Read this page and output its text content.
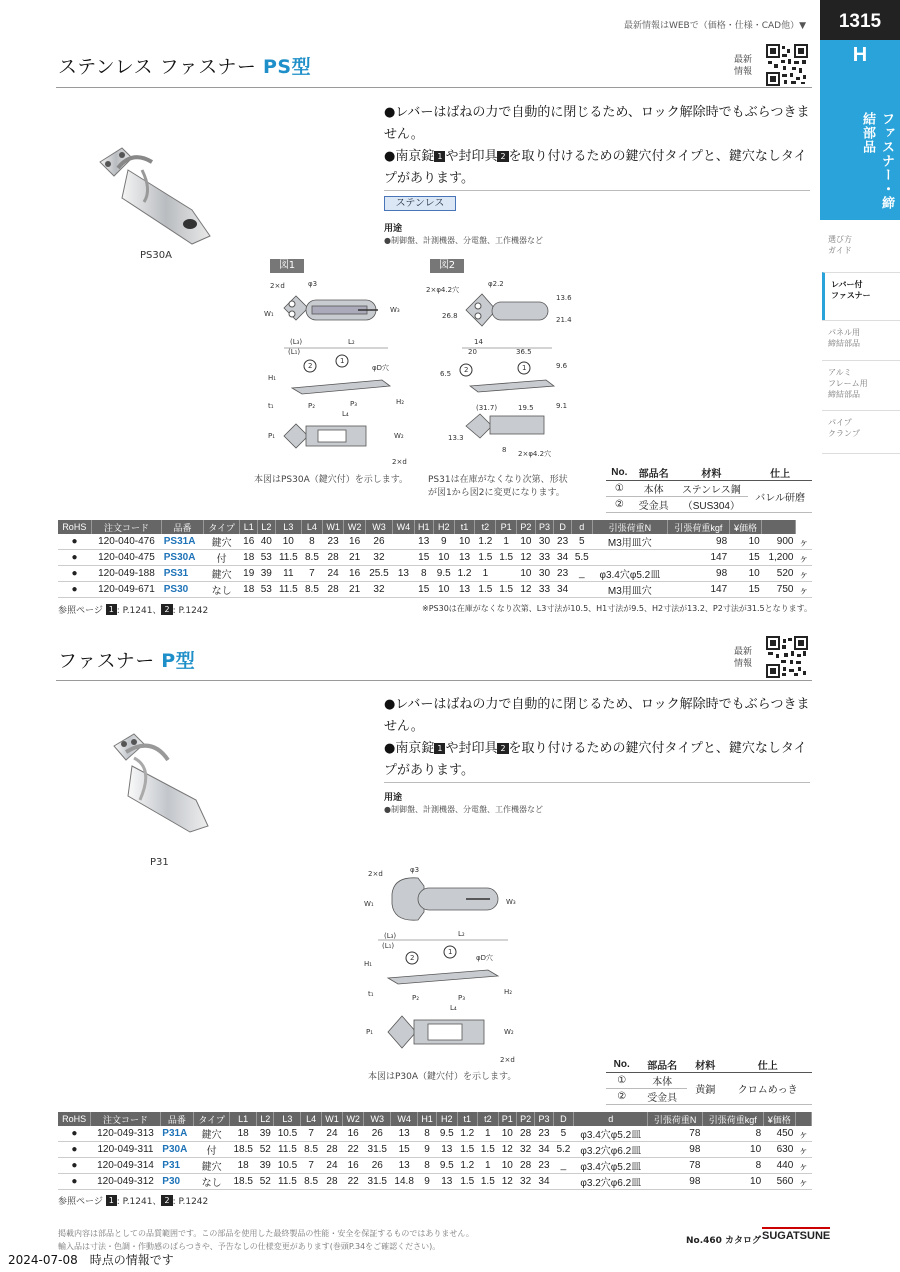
最新情報はWEBで（価格・仕様・CAD他）▼	1315
ファスナー・締結部品
H
選び方
ガイド
レバー付
ファスナー
パネル用
締結部品
アルミ
フレーム用
締結部品
パイプ
クランプ
ステンレス ファスナー PS型	最新
情報
PS30A
●レバーはばねの力で自動的に閉じるため、ロック解除時でもぶらつきません。
●南京錠 1 や封印具 2 を取り付けるための鍵穴付タイプと、鍵穴なしタイプがあります。
ステンレス
用途
●制御盤、計測機器、分電盤、工作機器など
図1	図2
2×d	φ3
W₁	W₃
(L₃)
(L₁)
L₂
2
1
φD穴
H₁
t₁	H₂
P₂	P₃
L₄
P₁	W₂
2×d
2×φ4.2穴
φ2.2
26.8
13.6
21.4
14
20	36.5
2	1
6.5
9.6
9.1
(31.7)	19.5
13.3
8 2×φ4.2穴
本図はPS30A（鍵穴付）を示します。	PS31は在庫がなくなり次第、形状が図1から図2に変更になります。
No.	部品名	材料	仕上
①	本体	ステンレス鋼	バレル研磨
②	受金具	（SUS304）	
RoHS	注文コード	品番	タイプ	L1	L2	L3	L4	W1	W2	W3	W4	H1	H2	t1	t2	P1	P2	P3	D	d	引張荷重N	引張荷重kgf	¥価格		
●	120-040-476	PS31A	鍵穴	16	40	10	8	23	16	26		13	9	10	1.2	1	10	30	23	5	M3用皿穴	98	10	900	ヶ
●	120-040-475	PS30A	付	18	53	11.5	8.5	28	21	32		15	10	13	1.5	1.5	12	33	34	5.5		147	15	1,200	ヶ
●	120-049-188	PS31	鍵穴	19	39	11	7	24	16	25.5	13	8	9.5	1.2	1		10	30	23	_	φ3.4穴φ5.2皿	98	10	520	ヶ
●	120-049-671	PS30	なし	18	53	11.5	8.5	28	21	32		15	10	13	1.5	1.5	12	33	34		M3用皿穴	147	15	750	ヶ
参照ページ 1 : P.1241、 2 : P.1242	※PS30は在庫がなくなり次第、L3寸法が10.5、H1寸法が9.5、H2寸法が13.2、P2寸法が31.5となります。
ファスナー P型	最新
情報
P31
●レバーはばねの力で自動的に閉じるため、ロック解除時でもぶらつきません。
●南京錠 1 や封印具 2 を取り付けるための鍵穴付タイプと、鍵穴なしタイプがあります。
用途
●制御盤、計測機器、分電盤、工作機器など
2×d	φ3
W₁	W₃
(L₃)
(L₁)
L₂
2
1
φD穴
H₁
t₁	H₂
P₂	P₃
L₄
P₁	W₂
2×d
本図はP30A（鍵穴付）を示します。
No.	部品名	材料	仕上
①	本体	黄銅	クロムめっき
②	受金具		
RoHS	注文コード	品番	タイプ	L1	L2	L3	L4	W1	W2	W3	W4	H1	H2	t1	t2	P1	P2	P3	D	d	引張荷重N	引張荷重kgf	¥価格	
●	120-049-313	P31A	鍵穴	18	39	10.5	7	24	16	26	13	8	9.5	1.2	1	10	28	23	5	φ3.4穴φ5.2皿	78	8	450	ヶ
●	120-049-311	P30A	付	18.5	52	11.5	8.5	28	22	31.5	15	9	13	1.5	1.5	12	32	34	5.2	φ3.2穴φ6.2皿	98	10	630	ヶ
●	120-049-314	P31	鍵穴	18	39	10.5	7	24	16	26	13	8	9.5	1.2	1	10	28	23	_	φ3.4穴φ5.2皿	78	8	440	ヶ
●	120-049-312	P30	なし	18.5	52	11.5	8.5	28	22	31.5	14.8	9	13	1.5	1.5	12	32	34		φ3.2穴φ6.2皿	98	10	560	ヶ
参照ページ 1 : P.1241、 2 : P.1242
掲載内容は部品としての品質範囲です。この部品を使用した最終製品の性能・安全を保証するものではありません。
輸入品は寸法・色調・作動感のばらつきや、予告なしの仕様変更があります(巻頭P.34をご確認ください)。
No.460 カタログ SUGATSUNE
2024-07-08　時点の情報です
